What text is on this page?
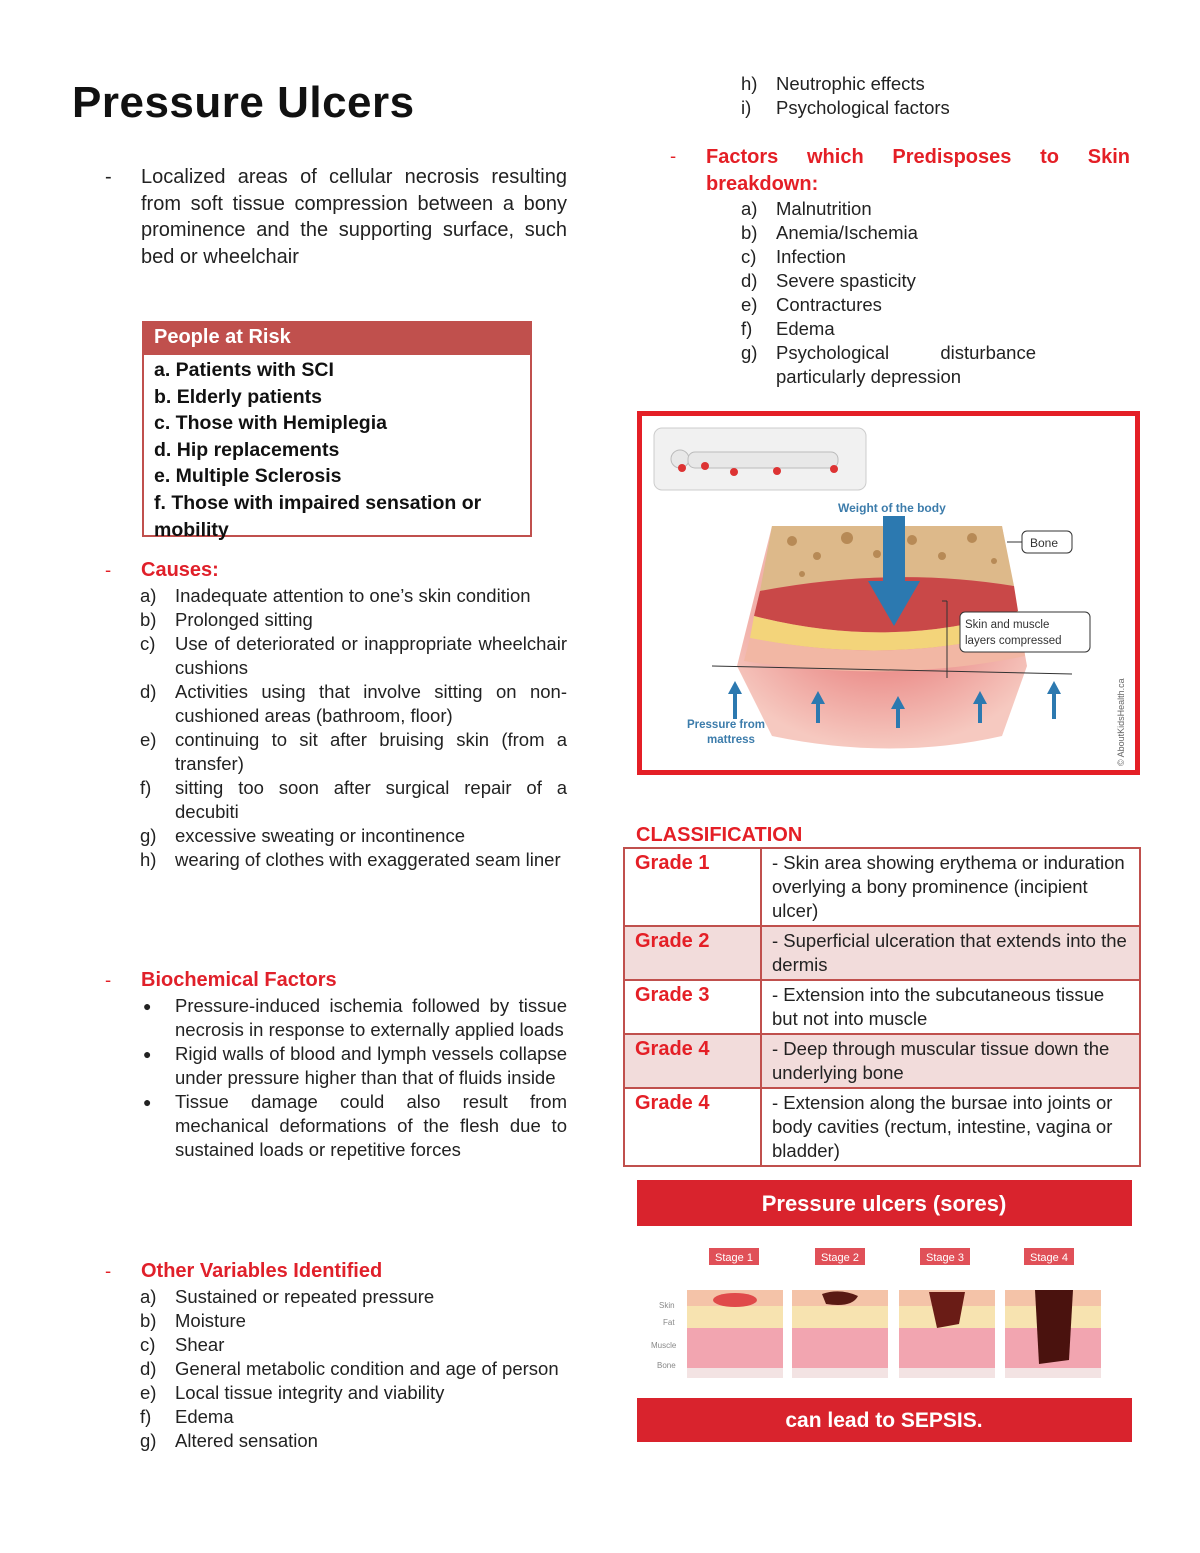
Pressure Ulcers
-	Localized areas of cellular necrosis resulting from soft tissue compression between a bony prominence and the supporting surface, such bed or wheelchair
People at Risk
a. Patients with SCI
b. Elderly patients
c. Those with Hemiplegia
d. Hip replacements
e. Multiple Sclerosis
f. Those with impaired sensation or mobility
- Causes:
a) Inadequate attention to one’s skin condition
b) Prolonged sitting
c) Use of deteriorated or inappropriate wheelchair cushions
d) Activities using that involve sitting on non-cushioned areas (bathroom, floor)
e) continuing to sit after bruising skin (from a transfer)
f) sitting too soon after surgical repair of a decubiti
g) excessive sweating or incontinence
h) wearing of clothes with exaggerated seam liner
- Biochemical Factors
● Pressure-induced ischemia followed by tissue necrosis in response to externally applied loads
● Rigid walls of blood and lymph vessels collapse under pressure higher than that of fluids inside
● Tissue damage could also result from mechanical deformations of the flesh due to sustained loads or repetitive forces
- Other Variables Identified
a) Sustained or repeated pressure
b) Moisture
c) Shear
d) General metabolic condition and age of person
e) Local tissue integrity and viability
f) Edema
g) Altered sensation
h) Neutrophic effects
i) Psychological factors
-	Factors which Predisposes to Skin
breakdown:
a) Malnutrition
b) Anemia/Ischemia
c) Infection
d) Severe spasticity
e) Contractures
f) Edema
g) Psychological disturbance particularly depression
Weight of the body
Bone
Skin and muscle
layers compressed
Pressure from
mattress	© AboutKidsHealth.ca
CLASSIFICATION
Grade 1	- Skin area showing erythema or induration overlying a bony prominence (incipient ulcer)
Grade 2	- Superficial ulceration that extends into the dermis
Grade 3	- Extension into the subcutaneous tissue but not into muscle
Grade 4	- Deep through muscular tissue down the underlying bone
Grade 4	- Extension along the bursae into joints or body cavities (rectum, intestine, vagina or bladder)
Pressure ulcers (sores)
Stage 1	Stage 2	Stage 3	Stage 4
Skin
Fat
Muscle
Bone
can lead to SEPSIS.
